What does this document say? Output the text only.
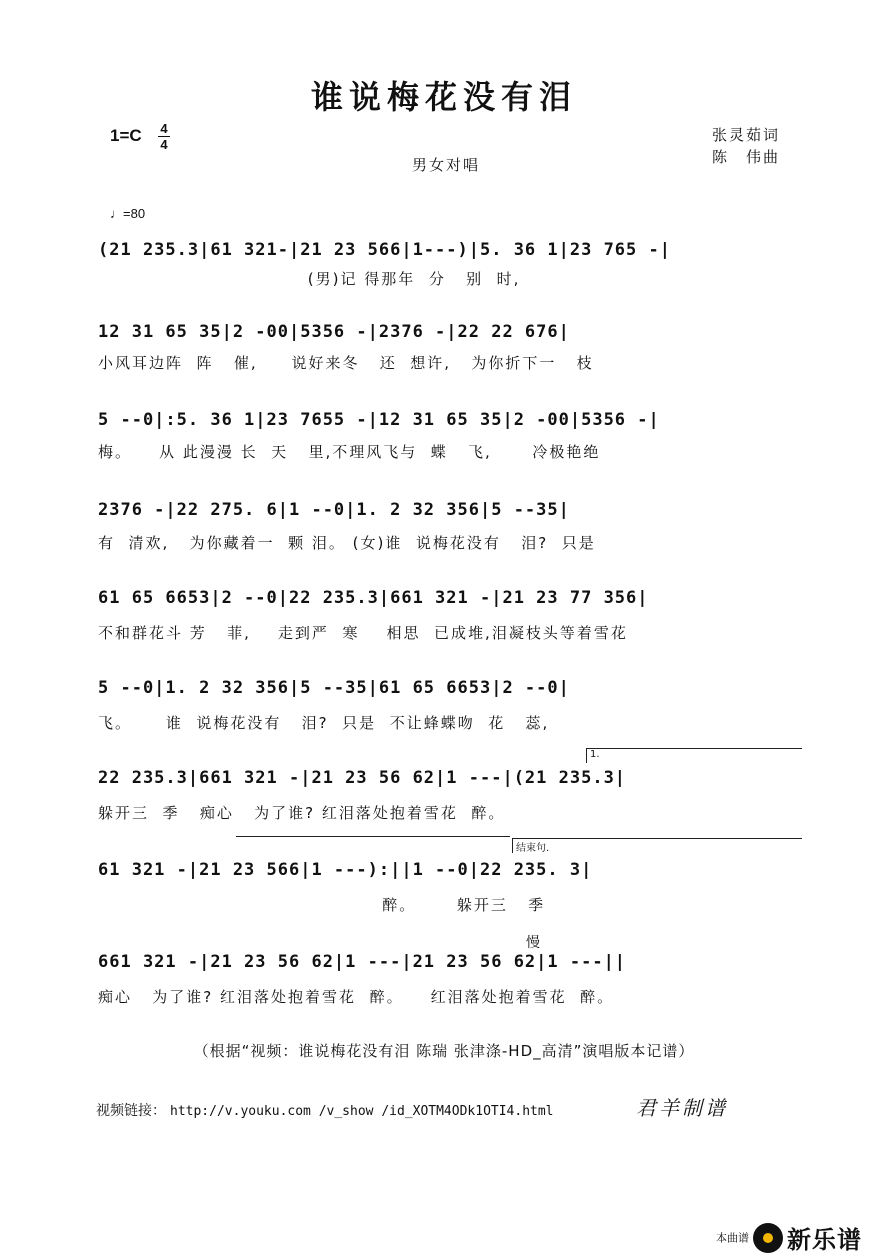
谁说梅花没有泪
1=C 4
4
张灵茹词
陈　伟曲
男女对唱
♩=80
(21 235.3|61 321-|21 23 566|1---)|5. 36 1|23 765 -|
(男)记 得那年  分   别  时,
12 31 65 35|2 -00|5356 -|2376 -|22 22 676|
小风耳边阵  阵   催,     说好来冬   还  想许,   为你折下一   枝
5 --0|:5. 36 1|23 7655 -|12 31 65 35|2 -00|5356 -|
梅。    从 此漫漫 长  天   里,不理风飞与  蝶   飞,      冷极艳绝
2376 -|22 275. 6|1 --0|1. 2 32 356|5 --35|
有  清欢,   为你藏着一  颗 泪。 (女)谁  说梅花没有   泪?  只是
61 65 6653|2 --0|22 235.3|661 321 -|21 23 77 356|
不和群花斗 芳   菲,    走到严  寒    相思  已成堆,泪凝枝头等着雪花
5 --0|1. 2 32 356|5 --35|61 65 6653|2 --0|
飞。     谁  说梅花没有   泪?  只是  不让蜂蝶吻  花   蕊,
1.
22 235.3|661 321 -|21 23 56 62|1 ---|(21 235.3|
躲开三  季   痴心   为了谁? 红泪落处抱着雪花  醉。
结束句.
61 321 -|21 23 566|1 ---):||1 --0|22 235. 3|
醉。      躲开三   季
慢
661 321 -|21 23 56 62|1 ---|21 23 56 62|1 ---||
痴心   为了谁? 红泪落处抱着雪花  醉。    红泪落处抱着雪花  醉。
（根据“视频：谁说梅花没有泪 陈瑞 张津涤-HD_高清”演唱版本记谱）
视频链接： http://v.youku.com /v_show /id_XOTM4ODk1OTI4.html	君羊制谱
本曲谱 新乐谱
